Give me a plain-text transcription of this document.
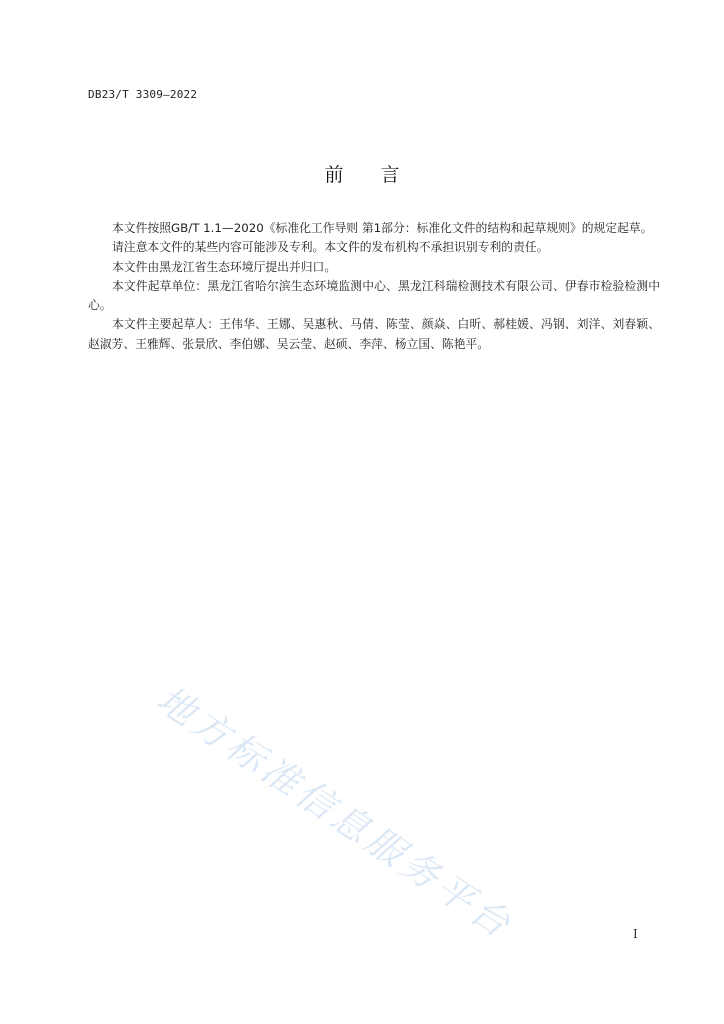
DB23/T 3309—2022
前言

本文件按照GB/T 1.1—2020《标准化工作导则 第1部分：标准化文件的结构和起草规则》的规定起草。

请注意本文件的某些内容可能涉及专利。本文件的发布机构不承担识别专利的责任。

本文件由黑龙江省生态环境厅提出并归口。

本文件起草单位：黑龙江省哈尔滨生态环境监测中心、黑龙江科瑞检测技术有限公司、伊春市检验检测中心。

本文件主要起草人：王伟华、王娜、吴惠秋、马倩、陈莹、颜焱、白昕、郝桂媛、冯钢、刘洋、刘春颖、赵淑芳、王雅辉、张景欣、李伯娜、吴云莹、赵硕、李萍、杨立国、陈艳平。

地方标准信息服务平台	I
